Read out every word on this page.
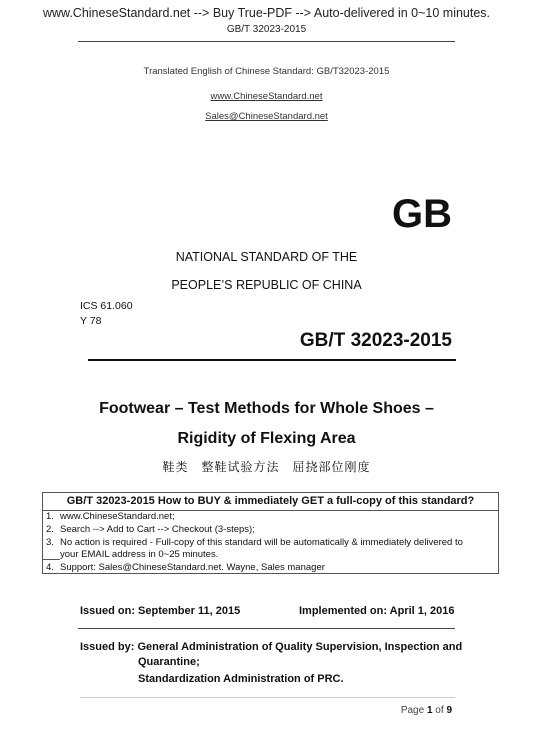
www.ChineseStandard.net --> Buy True-PDF --> Auto-delivered in 0~10 minutes.
GB/T 32023-2015
Translated English of Chinese Standard: GB/T32023-2015
www.ChineseStandard.net
Sales@ChineseStandard.net
GB
NATIONAL STANDARD OF THE
PEOPLE’S REPUBLIC OF CHINA
ICS 61.060
Y 78
GB/T 32023-2015
Footwear – Test Methods for Whole Shoes –
Rigidity of Flexing Area
鞋类　整鞋试验方法　屈挠部位刚度
GB/T 32023-2015 How to BUY & immediately GET a full-copy of this standard?
1. www.ChineseStandard.net;
2. Search --> Add to Cart --> Checkout (3-steps);
3. No action is required - Full-copy of this standard will be automatically & immediately delivered to
your EMAIL address in 0~25 minutes.
4. Support: Sales@ChineseStandard.net. Wayne, Sales manager
Issued on: September 11, 2015	Implemented on: April 1, 2016
Issued by: General Administration of Quality Supervision, Inspection and
Quarantine;
Standardization Administration of PRC.
Page 1 of 9
